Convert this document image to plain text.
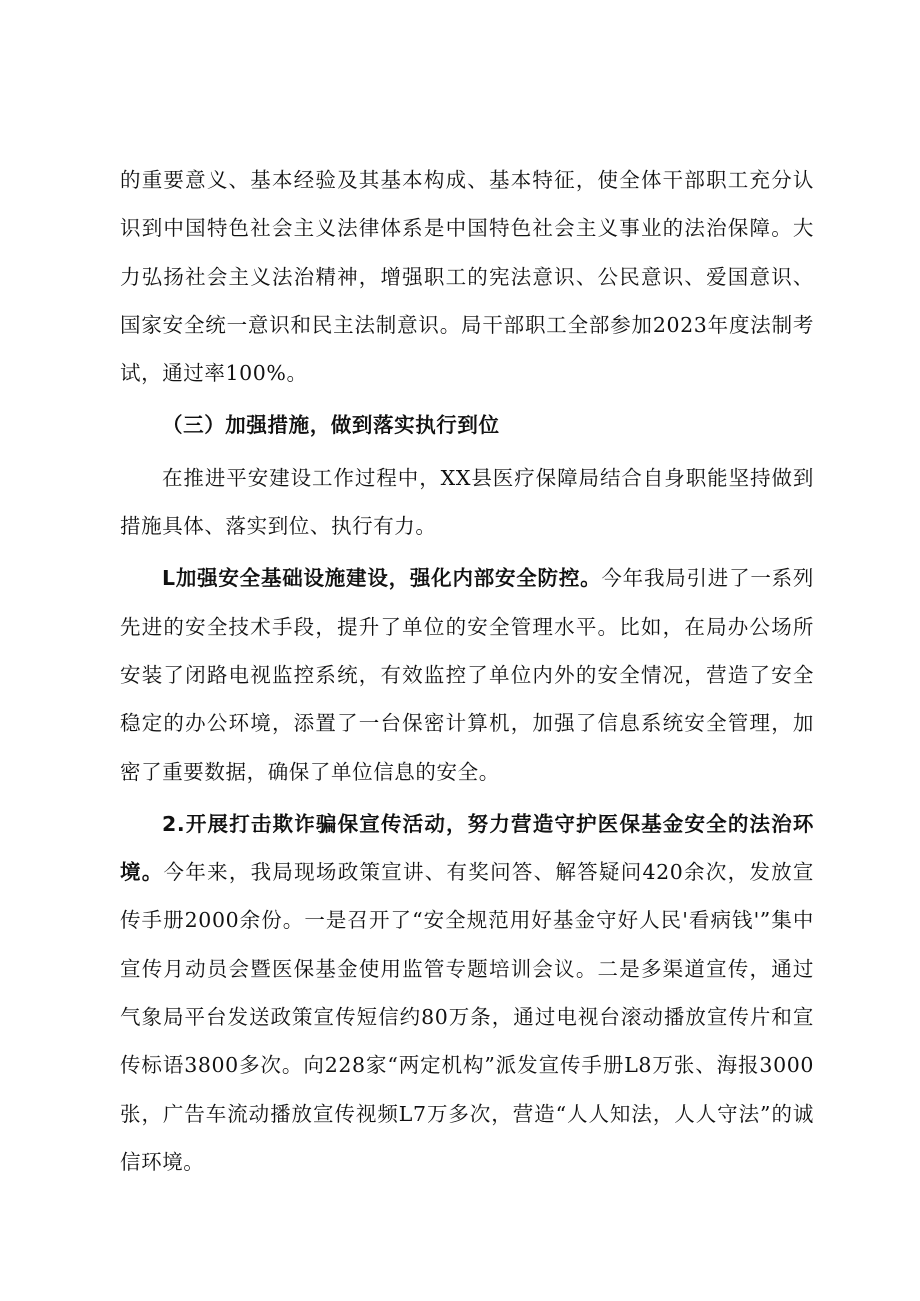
的重要意义、基本经验及其基本构成、基本特征，使全体干部职工充分认识到中国特色社会主义法律体系是中国特色社会主义事业的法治保障。大力弘扬社会主义法治精神，增强职工的宪法意识、公民意识、爱国意识、国家安全统一意识和民主法制意识。局干部职工全部参加2023年度法制考试，通过率100%。

（三）加强措施，做到落实执行到位

在推进平安建设工作过程中，XX县医疗保障局结合自身职能坚持做到措施具体、落实到位、执行有力。

L加强安全基础设施建设，强化内部安全防控。今年我局引进了一系列先进的安全技术手段，提升了单位的安全管理水平。比如，在局办公场所安装了闭路电视监控系统，有效监控了单位内外的安全情况，营造了安全稳定的办公环境，添置了一台保密计算机，加强了信息系统安全管理，加密了重要数据，确保了单位信息的安全。

2.开展打击欺诈骗保宣传活动，努力营造守护医保基金安全的法治环境。今年来，我局现场政策宣讲、有奖问答、解答疑问420余次，发放宣传手册2000余份。一是召开了“安全规范用好基金守好人民'看病钱'”集中宣传月动员会暨医保基金使用监管专题培训会议。二是多渠道宣传，通过气象局平台发送政策宣传短信约80万条，通过电视台滚动播放宣传片和宣传标语3800多次。向228家“两定机构”派发宣传手册L8万张、海报3000张，广告车流动播放宣传视频L7万多次，营造“人人知法，人人守法”的诚信环境。
